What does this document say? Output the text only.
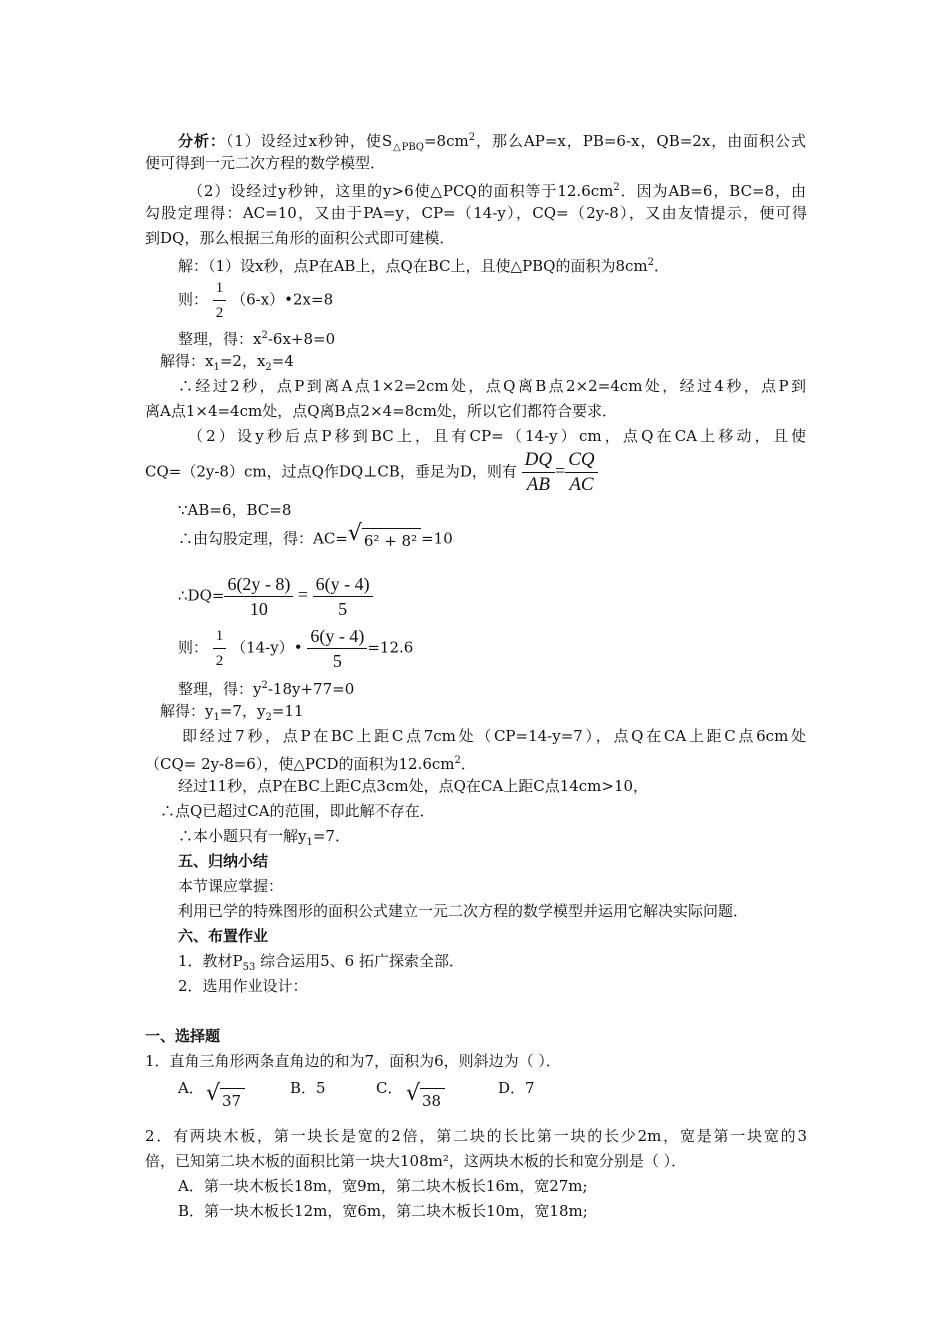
分析：（1）设经过x秒钟，使$S_{\triangle PBQ}=8cm^2$，那么AP=x，PB=6-x，QB=2x，由面积公式
便可得到一元二次方程的数学模型．
（2）设经过y秒钟，这里的y>6使△PCQ的面积等于$12.6cm^2$．因为AB=6，BC=8，由
勾股定理得：AC=10，又由于PA=y，CP=（14-y），CQ=（2y-8），又由友情提示，便可得
到DQ，那么根据三角形的面积公式即可建模．
解：（1）设x秒，点P在AB上，点Q在BC上，且使△PBQ的面积为$8cm^2$．
则： $\frac{1}{2}$ （6-x）•2x=8
整理，得：$x^2-6x+8=0$
解得：$x_1=2$，$x_2=4$
∴经过2秒，点P到离A点1×2=2cm处，点Q离B点2×2=4cm处，经过4秒，点P到
离A点1×4=4cm处，点Q离B点2×4=8cm处，所以它们都符合要求．
（2）设y秒后点P移到BC上，且有CP=（14-y）cm，点Q在CA上移动，且使
CQ=（2y-8）cm，过点Q作DQ⊥CB，垂足为D，则有 $\frac{DQ}{AB} = \frac{CQ}{AC}$
∵AB=6，BC=8
∴由勾股定理，得：AC= √ 6² + 8² =10
∴DQ= $\frac{6(2y - 8)}{10} = \frac{6(y - 4)}{5}$
则： $\frac{1}{2}$ （14-y）• $\frac{6(y - 4)}{5} =12.6$
整理，得：$y^2-18y+77=0$
解得：$y_1=7$，$y_2=11$
即经过7秒，点P在BC上距C点7cm处（CP=14-y=7），点Q在CA上距C点6cm处
（CQ= 2y-8=6），使△PCD的面积为$12.6cm^2$．
经过11秒，点P在BC上距C点3cm处，点Q在CA上距C点14cm>10，
∴点Q已超过CA的范围，即此解不存在．
∴本小题只有一解$y_1=7$．
五、归纳小结
本节课应掌握：
利用已学的特殊图形的面积公式建立一元二次方程的数学模型并运用它解决实际问题．
六、布置作业
1．教材$P_{53}$ 综合运用5、6 拓广探索全部．
2．选用作业设计：
一、选择题
1．直角三角形两条直角边的和为7，面积为6，则斜边为（ ）．
A． √ 37
B．5	C． √ 38
D．7
2．有两块木板，第一块长是宽的2倍，第二块的长比第一块的长少2m，宽是第一块宽的3
倍，已知第二块木板的面积比第一块大108m²，这两块木板的长和宽分别是（ ）．
A．第一块木板长18m，宽9m，第二块木板长16m，宽27m;
B．第一块木板长12m，宽6m，第二块木板长10m，宽18m;
